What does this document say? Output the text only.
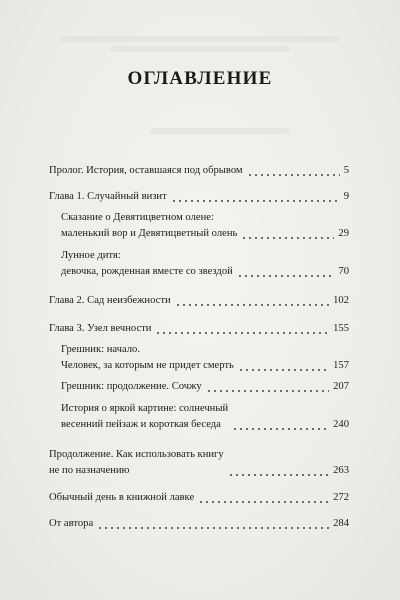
ОГЛАВЛЕНИЕ
Пролог. История, оставшаяся под обрывом	5
Глава 1. Случайный визит	9
Сказание о Девятицветном олене:
маленький вор и Девятицветный олень	29
Лунное дитя:
девочка, рожденная вместе со звездой	70
Глава 2. Сад неизбежности	102
Глава 3. Узел вечности	155
Грешник: начало.
Человек, за которым не придет смерть	157
Грешник: продолжение. Сочжу	207
История о яркой картине: солнечный
весенний пейзаж и короткая беседа	240
Продолжение. Как использовать книгу
не по назначению	263
Обычный день в книжной лавке	272
От автора	284
